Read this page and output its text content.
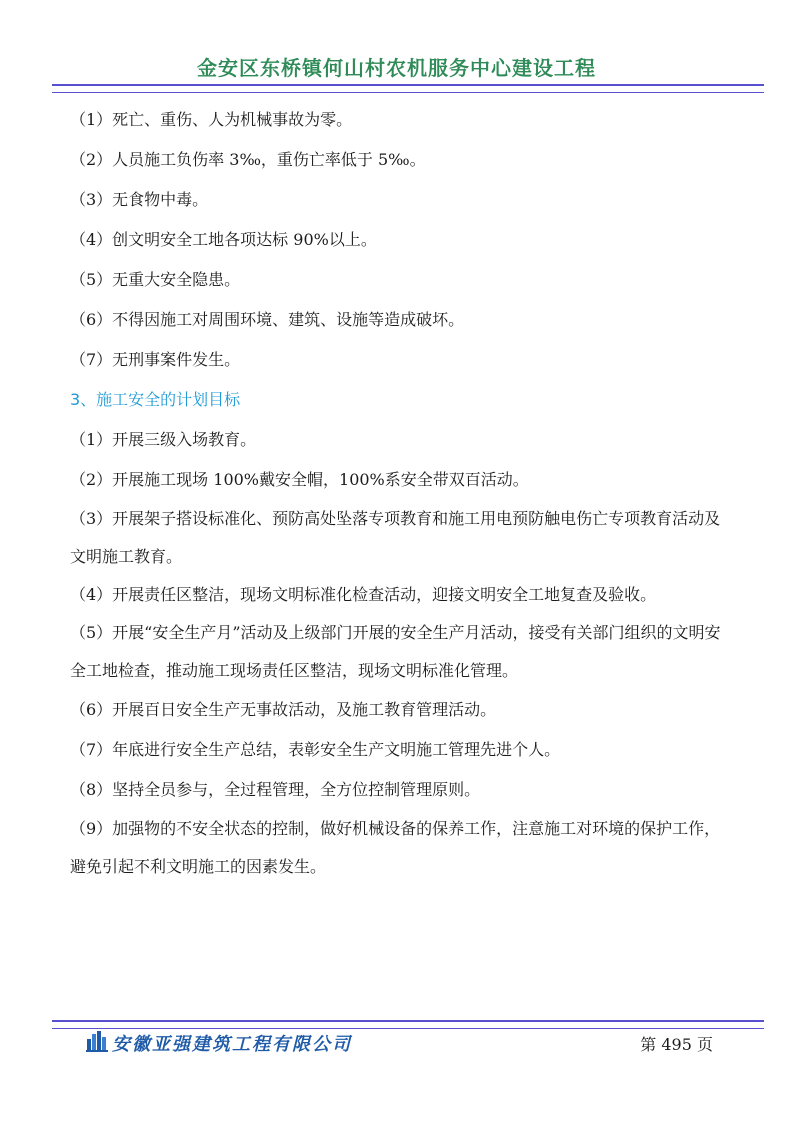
金安区东桥镇何山村农机服务中心建设工程

（1）死亡、重伤、人为机械事故为零。

（2）人员施工负伤率 3‰，重伤亡率低于 5‰。

（3）无食物中毒。

（4）创文明安全工地各项达标 90%以上。

（5）无重大安全隐患。

（6）不得因施工对周围环境、建筑、设施等造成破坏。

（7）无刑事案件发生。

3、施工安全的计划目标

（1）开展三级入场教育。

（2）开展施工现场 100%戴安全帽，100%系安全带双百活动。

（3）开展架子搭设标准化、预防高处坠落专项教育和施工用电预防触电伤亡专项教育活动及文明施工教育。

（4）开展责任区整洁，现场文明标准化检查活动，迎接文明安全工地复查及验收。

（5）开展“安全生产月”活动及上级部门开展的安全生产月活动，接受有关部门组织的文明安全工地检查，推动施工现场责任区整洁，现场文明标准化管理。

（6）开展百日安全生产无事故活动，及施工教育管理活动。

（7）年底进行安全生产总结，表彰安全生产文明施工管理先进个人。

（8）坚持全员参与，全过程管理，全方位控制管理原则。

（9）加强物的不安全状态的控制，做好机械设备的保养工作，注意施工对环境的保护工作，避免引起不利文明施工的因素发生。

安徽亚强建筑工程有限公司	第 495 页
